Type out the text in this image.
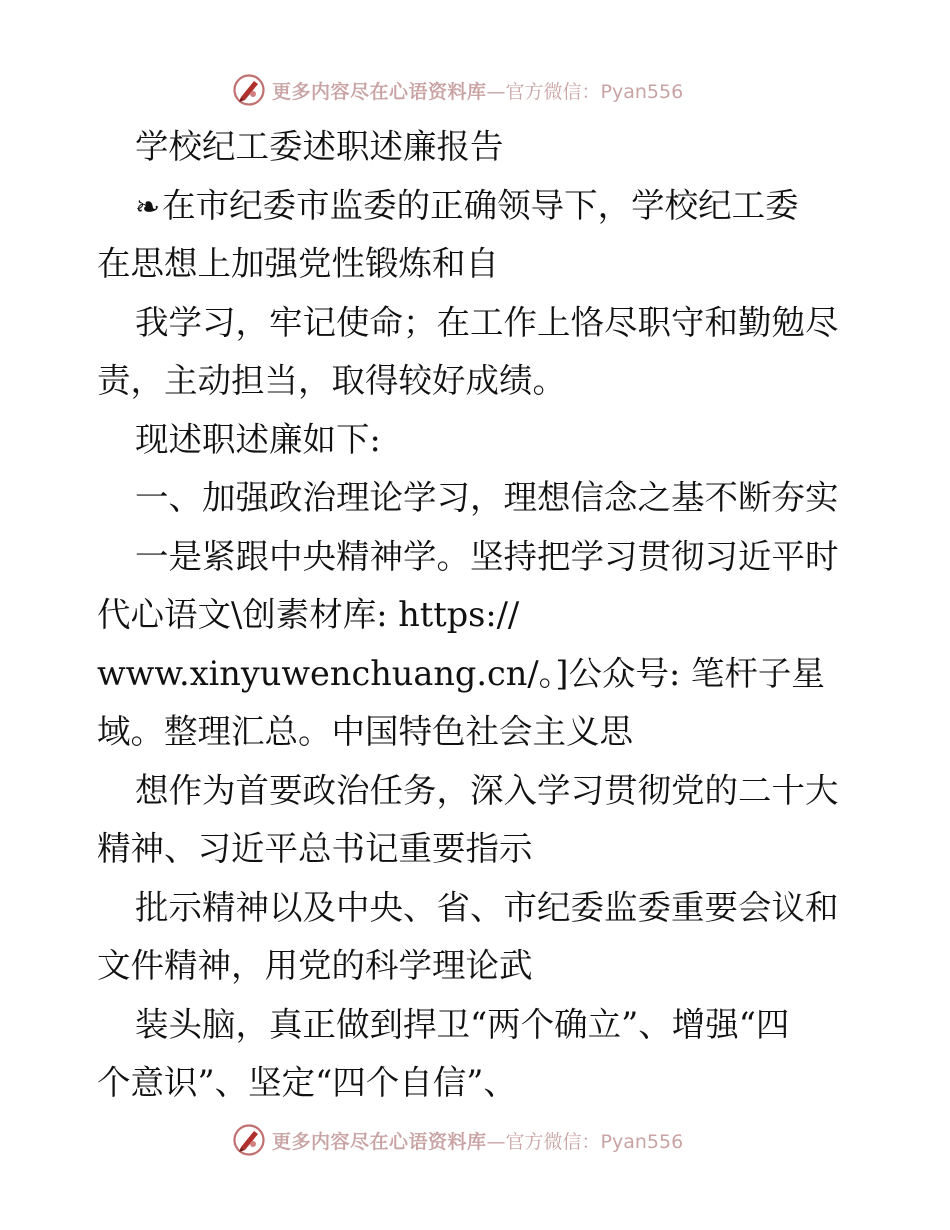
更多内容尽在心语资料库 —官方微信：Pyan556
学校纪工委述职述廉报告
❧在市纪委市监委的正确领导下，学校纪工委
在思想上加强党性锻炼和自
我学习，牢记使命；在工作上恪尽职守和勤勉尽
责，主动担当，取得较好成绩。
现述职述廉如下:
一、加强政治理论学习，理想信念之基不断夯实
一是紧跟中央精神学。坚持把学习贯彻习近平时
代心语文\创素材库: https://
www.xinyuwenchuang.cn/。]公众号: 笔杆子星
域。整理汇总。中国特色社会主义思
想作为首要政治任务，深入学习贯彻党的二十大
精神、习近平总书记重要指示
批示精神以及中央、省、市纪委监委重要会议和
文件精神，用党的科学理论武
装头脑，真正做到捍卫“两个确立”、增强“四
个意识”、坚定“四个自信”、
更多内容尽在心语资料库 —官方微信：Pyan556
